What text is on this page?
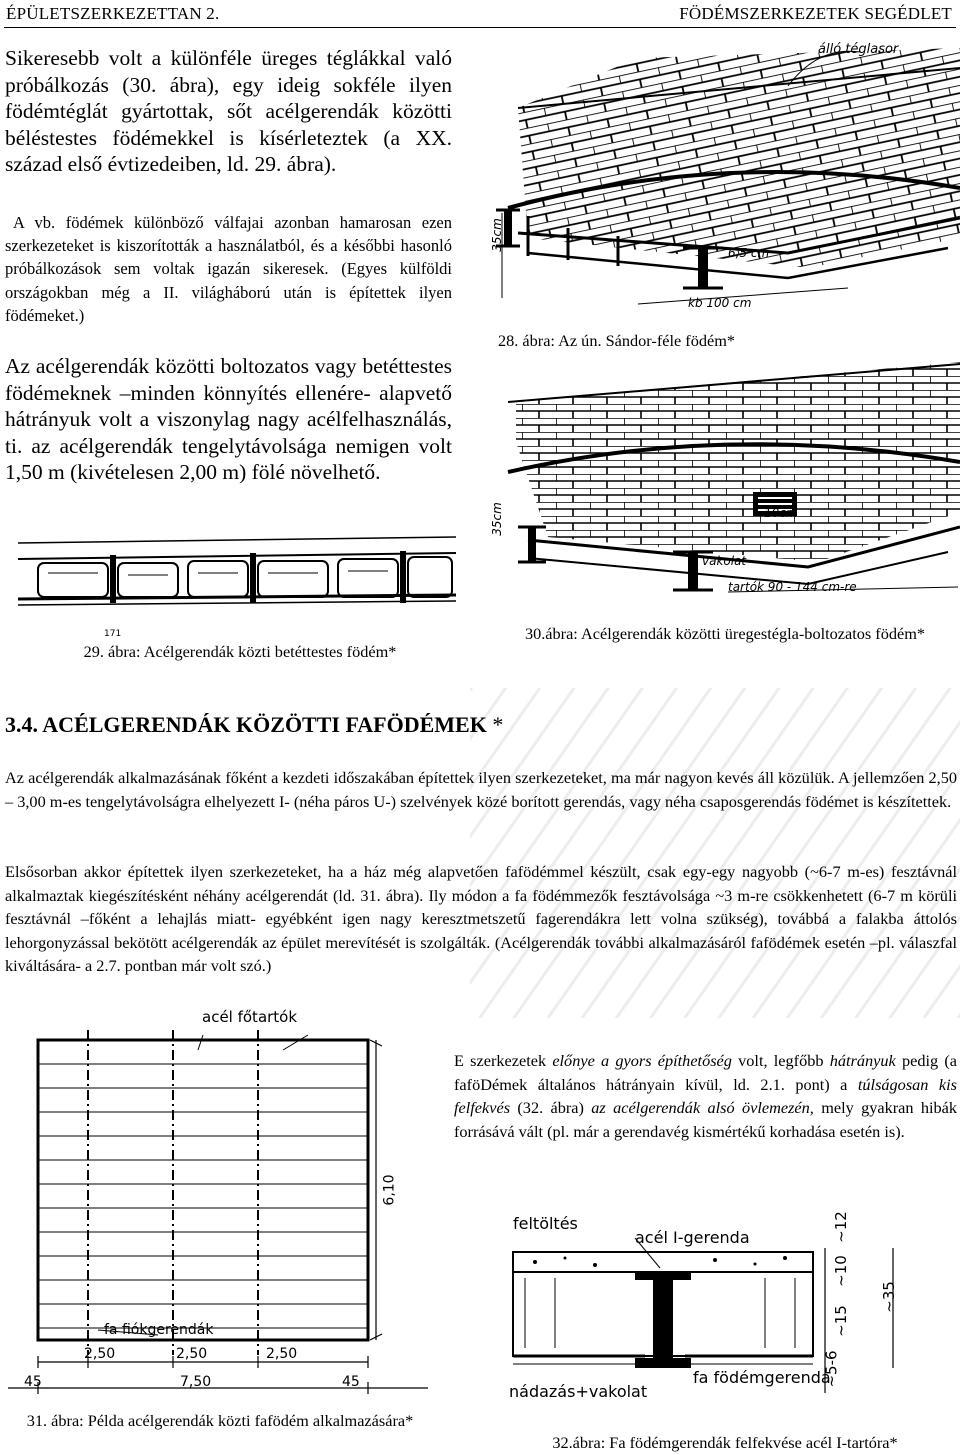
ÉPÜLETSZERKEZETTAN 2.	FÖDÉMSZERKEZETEK SEGÉDLET

Sikeresebb volt a különféle üreges téglákkal való próbálkozás (30. ábra), egy ideig sokféle ilyen födémtéglát gyártottak, sőt acélgerendák közötti béléstestes födémekkel is kísérleteztek (a XX. század első évtizedeiben, ld. 29. ábra).

A vb. födémek különböző válfajai azonban hamarosan ezen szerkezeteket is kiszorították a használatból, és a későbbi hasonló próbálkozások sem voltak igazán sikeresek. (Egyes külföldi országokban még a II. világháború után is építettek ilyen födémeket.)

Az acélgerendák közötti boltozatos vagy betéttestes födémeknek –minden könnyítés ellenére- alapvető hátrányuk volt a viszonylag nagy acélfelhasználás, ti. az acélgerendák tengelytávolsága nemigen volt 1,50 m (kivételesen 2,00 m) fölé növelhető.

álló téglasor
35cm
6,5 cm
kb 100 cm
28. ábra: Az ún. Sándor-féle födém*
171
29. ábra: Acélgerendák közti betéttestes födém*
35cm	10cm
vakolat
tartók 90 - 144 cm-re
30.ábra: Acélgerendák közötti üregestégla-boltozatos födém*
3.4. ACÉLGERENDÁK KÖZÖTTI FAFÖDÉMEK *

Az acélgerendák alkalmazásának főként a kezdeti időszakában építettek ilyen szerkezeteket, ma már nagyon kevés áll közülük. A jellemzően 2,50 – 3,00 m-es tengelytávolságra elhelyezett I- (néha páros U-) szelvények közé borított gerendás, vagy néha csaposgerendás födémet is készítettek.

Elsősorban akkor építettek ilyen szerkezeteket, ha a ház még alapvetően fafödémmel készült, csak egy-egy nagyobb (~6-7 m-es) fesztávnál alkalmaztak kiegészítésként néhány acélgerendát (ld. 31. ábra). Ily módon a fa födémmezők fesztávolsága ~3 m-re csökkenhetett (6-7 m körüli fesztávnál –főként a lehajlás miatt- egyébként igen nagy keresztmetszetű fagerendákra lett volna szükség), továbbá a falakba áttolós lehorgonyzással bekötött acélgerendák az épület merevítését is szolgálták. (Acélgerendák további alkalmazásáról fafödémek esetén –pl. válaszfal kiváltására- a 2.7. pontban már volt szó.)

E szerkezetek előnye a gyors építhetőség volt, legfőbb hátrányuk pedig (a faföDémek általános hátrányain kívül, ld. 2.1. pont) a túlságosan kis felfekvés (32. ábra) az acélgerendák alsó övlemezén, mely gyakran hibák forrásává vált (pl. már a gerendavég kismértékű korhadása esetén is).

acél főtartók
6,10
fa fiókgerendák
2,50	2,50	2,50
45	7,50	45
31. ábra: Példa acélgerendák közti fafödém alkalmazására*
feltöltés
acél I-gerenda
nádazás+vakolat
fa födémgerenda
~35
~5-6
~15
~10
~12
32.ábra: Fa födémgerendák felfekvése acél I-tartóra*
